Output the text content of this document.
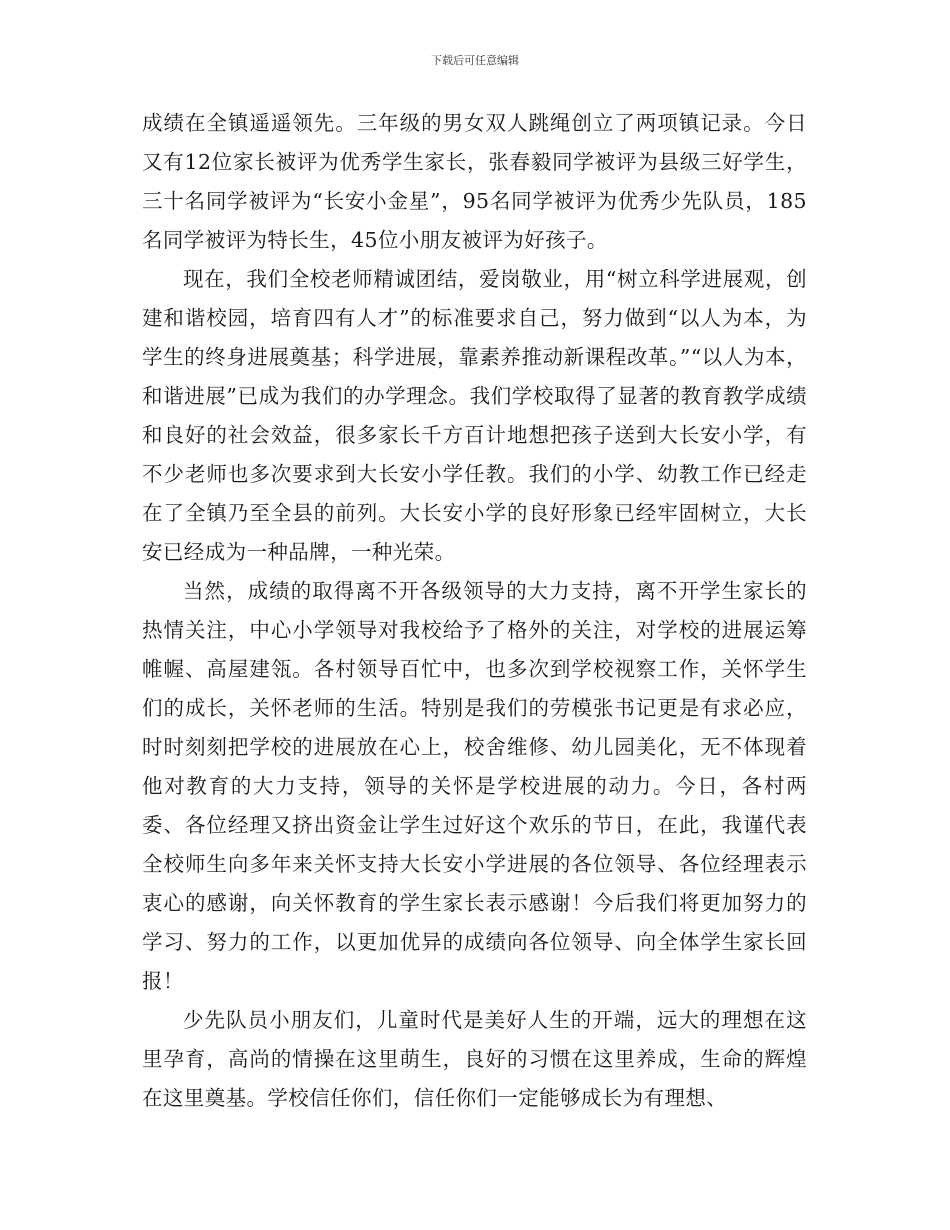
下载后可任意编辑

成绩在全镇遥遥领先。三年级的男女双人跳绳创立了两项镇记录。今日又有12位家长被评为优秀学生家长，张春毅同学被评为县级三好学生，三十名同学被评为“长安小金星”，95名同学被评为优秀少先队员，185名同学被评为特长生，45位小朋友被评为好孩子。

现在，我们全校老师精诚团结，爱岗敬业，用“树立科学进展观，创建和谐校园，培育四有人才”的标准要求自己，努力做到“以人为本，为学生的终身进展奠基；科学进展，靠素养推动新课程改革。”“以人为本，和谐进展”已成为我们的办学理念。我们学校取得了显著的教育教学成绩和良好的社会效益，很多家长千方百计地想把孩子送到大长安小学，有不少老师也多次要求到大长安小学任教。我们的小学、幼教工作已经走在了全镇乃至全县的前列。大长安小学的良好形象已经牢固树立，大长安已经成为一种品牌，一种光荣。

当然，成绩的取得离不开各级领导的大力支持，离不开学生家长的热情关注，中心小学领导对我校给予了格外的关注，对学校的进展运筹帷幄、高屋建瓴。各村领导百忙中，也多次到学校视察工作，关怀学生们的成长，关怀老师的生活。特别是我们的劳模张书记更是有求必应，时时刻刻把学校的进展放在心上，校舍维修、幼儿园美化，无不体现着他对教育的大力支持，领导的关怀是学校进展的动力。今日，各村两委、各位经理又挤出资金让学生过好这个欢乐的节日，在此，我谨代表全校师生向多年来关怀支持大长安小学进展的各位领导、各位经理表示衷心的感谢，向关怀教育的学生家长表示感谢！今后我们将更加努力的学习、努力的工作，以更加优异的成绩向各位领导、向全体学生家长回报！

少先队员小朋友们，儿童时代是美好人生的开端，远大的理想在这里孕育，高尚的情操在这里萌生，良好的习惯在这里养成，生命的辉煌在这里奠基。学校信任你们，信任你们一定能够成长为有理想、
